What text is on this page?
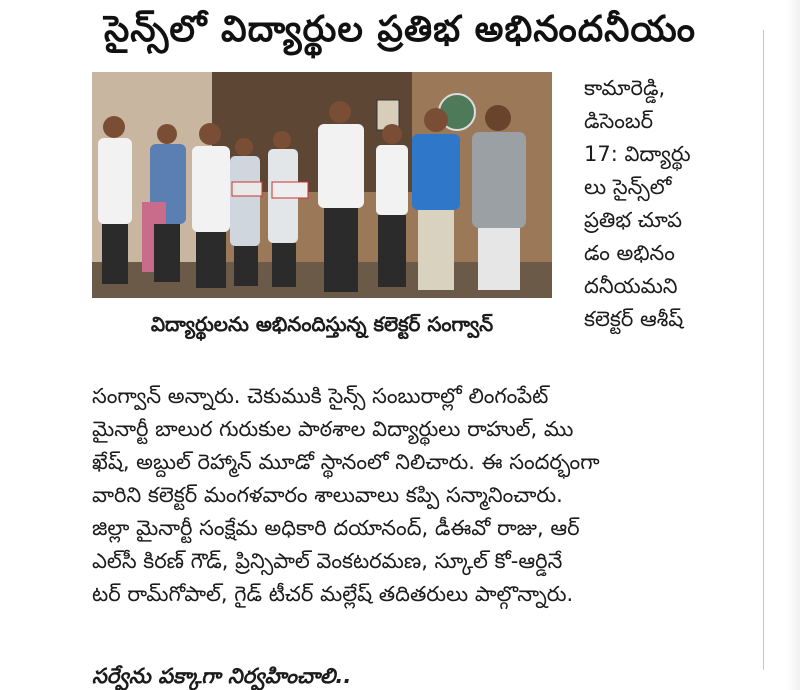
సైన్స్‌లో విద్యార్థుల ప్రతిభ అభినందనీయం
విద్యార్థులను అభినందిస్తున్న కలెక్టర్ సంగ్వాన్
కామారెడ్డి,
డిసెంబర్
17: విద్యార్థు
లు సైన్స్‌లో
ప్రతిభ చూప
డం అభినం
దనీయమని
కలెక్టర్ ఆశీష్
సంగ్వాన్ అన్నారు. చెకుముకి సైన్స్ సంబురాల్లో లింగంపేట్
మైనార్టీ బాలుర గురుకుల పాఠశాల విద్యార్థులు రాహుల్, ము
ఖేష్, అబ్దుల్ రెహ్మాన్ మూడో స్థానంలో నిలిచారు. ఈ సందర్భంగా
వారిని కలెక్టర్ మంగళవారం శాలువాలు కప్పి సన్మానించారు.
జిల్లా మైనార్టీ సంక్షేమ అధికారి దయానంద్, డీఈవో రాజు, ఆర్
ఎల్‌సీ కిరణ్ గౌడ్, ప్రిన్సిపాల్ వెంకటరమణ, స్కూల్ కో-ఆర్డినే
టర్ రామ్‌గోపాల్, గైడ్ టీచర్ మల్లేష్ తదితరులు పాల్గొన్నారు.
సర్వేను పక్కాగా నిర్వహించాలి..
